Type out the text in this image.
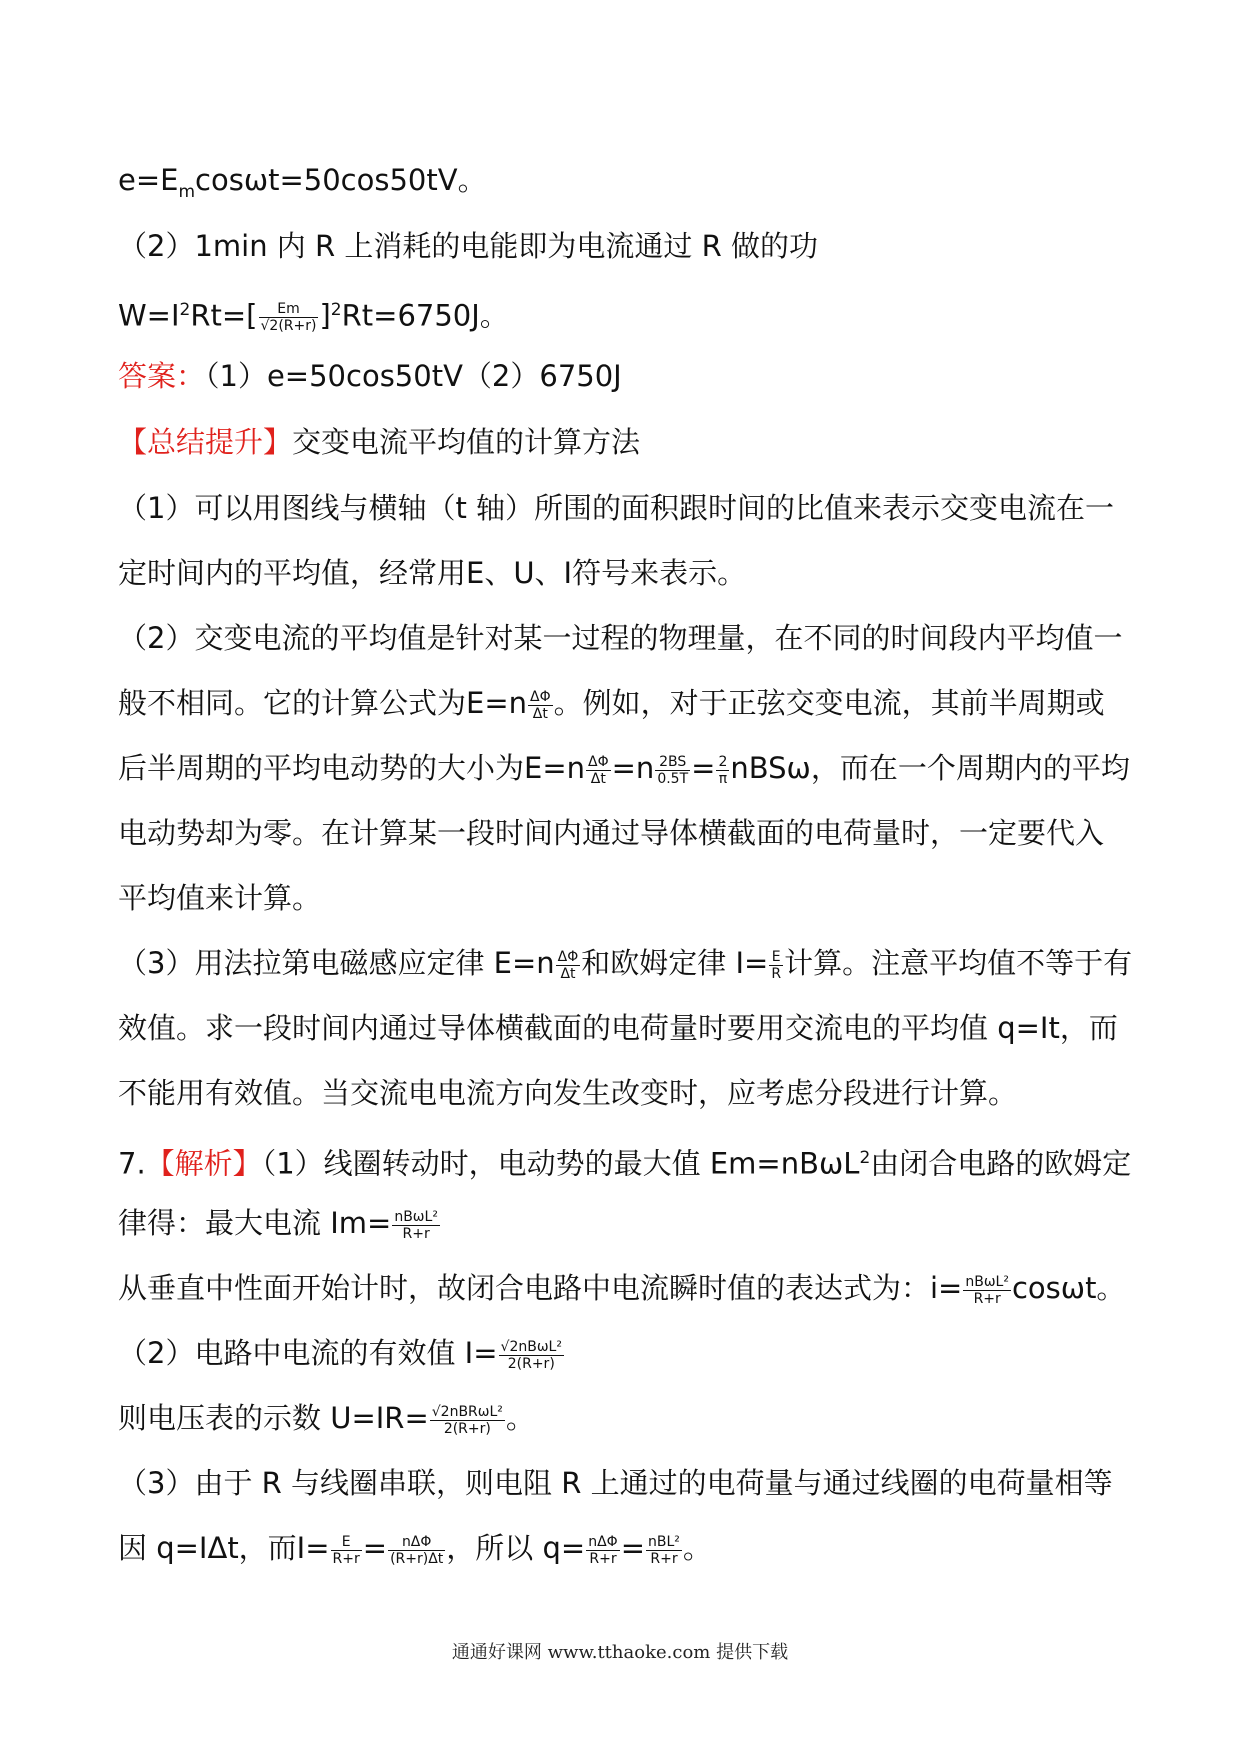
$e=E_m\cos\omega t=50\cos 50tV$。
（2）1min 内 R 上消耗的电能即为电流通过 R 做的功
$W=I^2Rt=[ \frac{Em}{√2(R+r)} ]^2Rt=6750J$。
答案：（1）e=50cos50tV（2）6750J
【总结提升】交变电流平均值的计算方法
（1）可以用图线与横轴（t 轴）所围的面积跟时间的比值来表示交变电流在一
定时间内的平均值，经常用E、U、I符号来表示。
（2）交变电流的平均值是针对某一过程的物理量，在不同的时间段内平均值一
般不相同。它的计算公式为$E=n \frac{\Delta\Phi}{\Delta t}$ 。例如，对于正弦交变电流，其前半周期或
后半周期的平均电动势的大小为$E=n \frac{\Delta\Phi}{\Delta t} =n \frac{2BS}{0.5T} = \frac{2}{\pi}$ nBSω，而在一个周期内的平均
电动势却为零。在计算某一段时间内通过导体横截面的电荷量时，一定要代入
平均值来计算。
（3）用法拉第电磁感应定律 $E=n \frac{\Delta\Phi}{\Delta t}$ 和欧姆定律 $I= \frac{E}{R}$ 计算。注意平均值不等于有
效值。求一段时间内通过导体横截面的电荷量时要用交流电的平均值 q=It，而
不能用有效值。当交流电电流方向发生改变时，应考虑分段进行计算。
7.【解析】（1）线圈转动时，电动势的最大值 Em=nBωL$^2$由闭合电路的欧姆定
律得：最大电流 $Im= \frac{\text{nBωL²}}{R+r}$
从垂直中性面开始计时，故闭合电路中电流瞬时值的表达式为：$i= \frac{\text{nBωL²}}{R+r}$ cosωt。
（2）电路中电流的有效值 $I= \frac{\text{√2nBωL²}}{2(R+r)}$
则电压表的示数 $U=IR= \frac{\text{√2nBRωL²}}{2(R+r)}$ 。
（3）由于 R 与线圈串联，则电阻 R 上通过的电荷量与通过线圈的电荷量相等
因 q=IΔt，而$I= \frac{E}{R+r} = \frac{\text{nΔΦ}}{(R+r)\Delta t}$ ，所以 $q= \frac{\text{nΔΦ}}{R+r} = \frac{\text{nBL²}}{R+r}$ 。
通通好课网 www.tthaoke.com 提供下载
